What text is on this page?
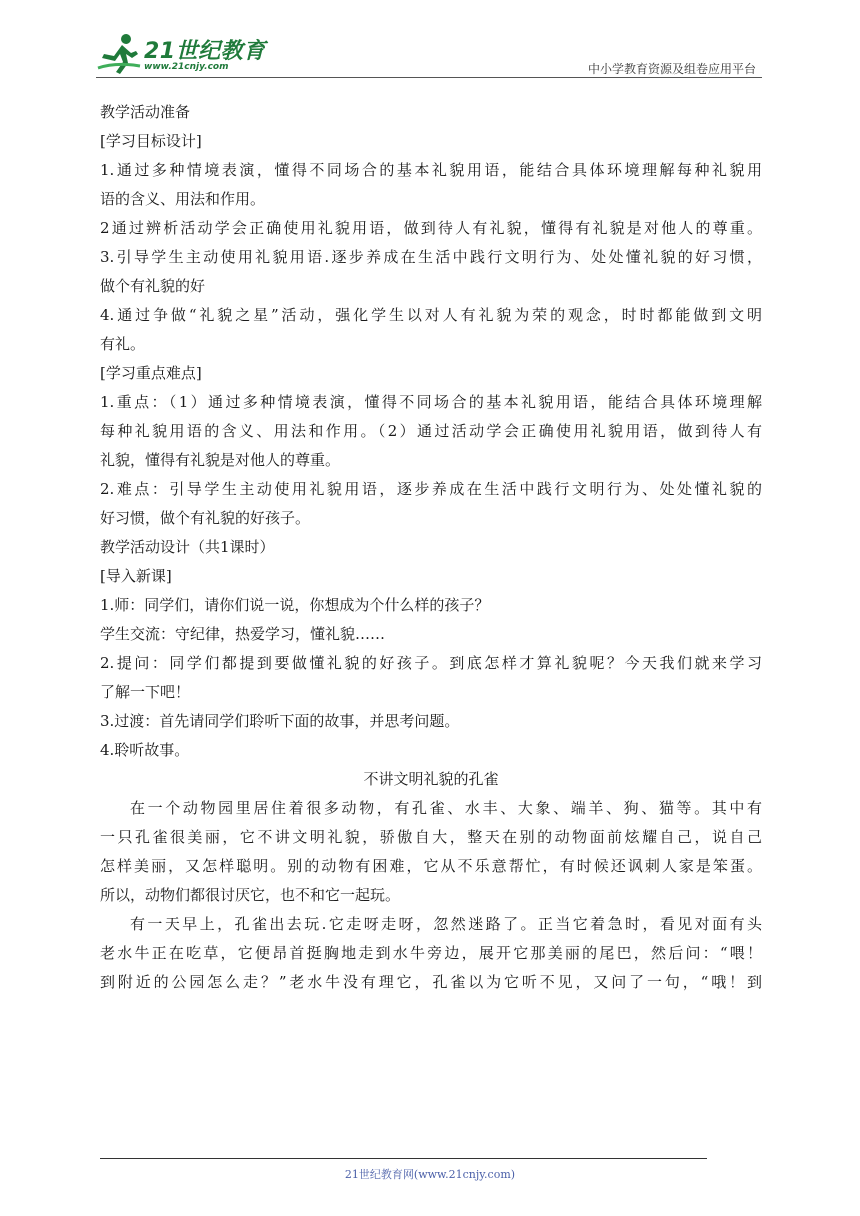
21世纪教育
www.21cnjy.com	中小学教育资源及组卷应用平台
教学活动准备
[学习目标设计]
1.通过多种情境表演，懂得不同场合的基本礼貌用语，能结合具体环境理解每种礼貌用
语的含义、用法和作用。
2通过辨析活动学会正确使用礼貌用语，做到待人有礼貌，懂得有礼貌是对他人的尊重。
3.引导学生主动使用礼貌用语.逐步养成在生活中践行文明行为、处处懂礼貌的好习惯，
做个有礼貌的好
4.通过争做“礼貌之星”活动，强化学生以对人有礼貌为荣的观念，时时都能做到文明
有礼。
[学习重点难点]
1.重点：（1）通过多种情境表演，懂得不同场合的基本礼貌用语，能结合具体环境理解
每种礼貌用语的含义、用法和作用。（2）通过活动学会正确使用礼貌用语，做到待人有
礼貌，懂得有礼貌是对他人的尊重。
2.难点：引导学生主动使用礼貌用语，逐步养成在生活中践行文明行为、处处懂礼貌的
好习惯，做个有礼貌的好孩子。
教学活动设计（共1课时）
[导入新课]
1.师：同学们，请你们说一说，你想成为个什么样的孩子？
学生交流：守纪律，热爱学习，懂礼貌……
2.提问：同学们都提到要做懂礼貌的好孩子。到底怎样才算礼貌呢？今天我们就来学习
了解一下吧！
3.过渡：首先请同学们聆听下面的故事，并思考问题。
4.聆听故事。
不讲文明礼貌的孔雀
在一个动物园里居住着很多动物，有孔雀、水丰、大象、端羊、狗、猫等。其中有
一只孔雀很美丽，它不讲文明礼貌，骄傲自大，整天在别的动物面前炫耀自己，说自己
怎样美丽，又怎样聪明。别的动物有困难，它从不乐意帮忙，有时候还讽刺人家是笨蛋。
所以，动物们都很讨厌它，也不和它一起玩。
有一天早上，孔雀出去玩.它走呀走呀，忽然迷路了。正当它着急时，看见对面有头
老水牛正在吃草，它便昂首挺胸地走到水牛旁边，展开它那美丽的尾巴，然后问：“喂！
到附近的公园怎么走？”老水牛没有理它，孔雀以为它听不见，又问了一句，“哦！到
21世纪教育网(www.21cnjy.com)
